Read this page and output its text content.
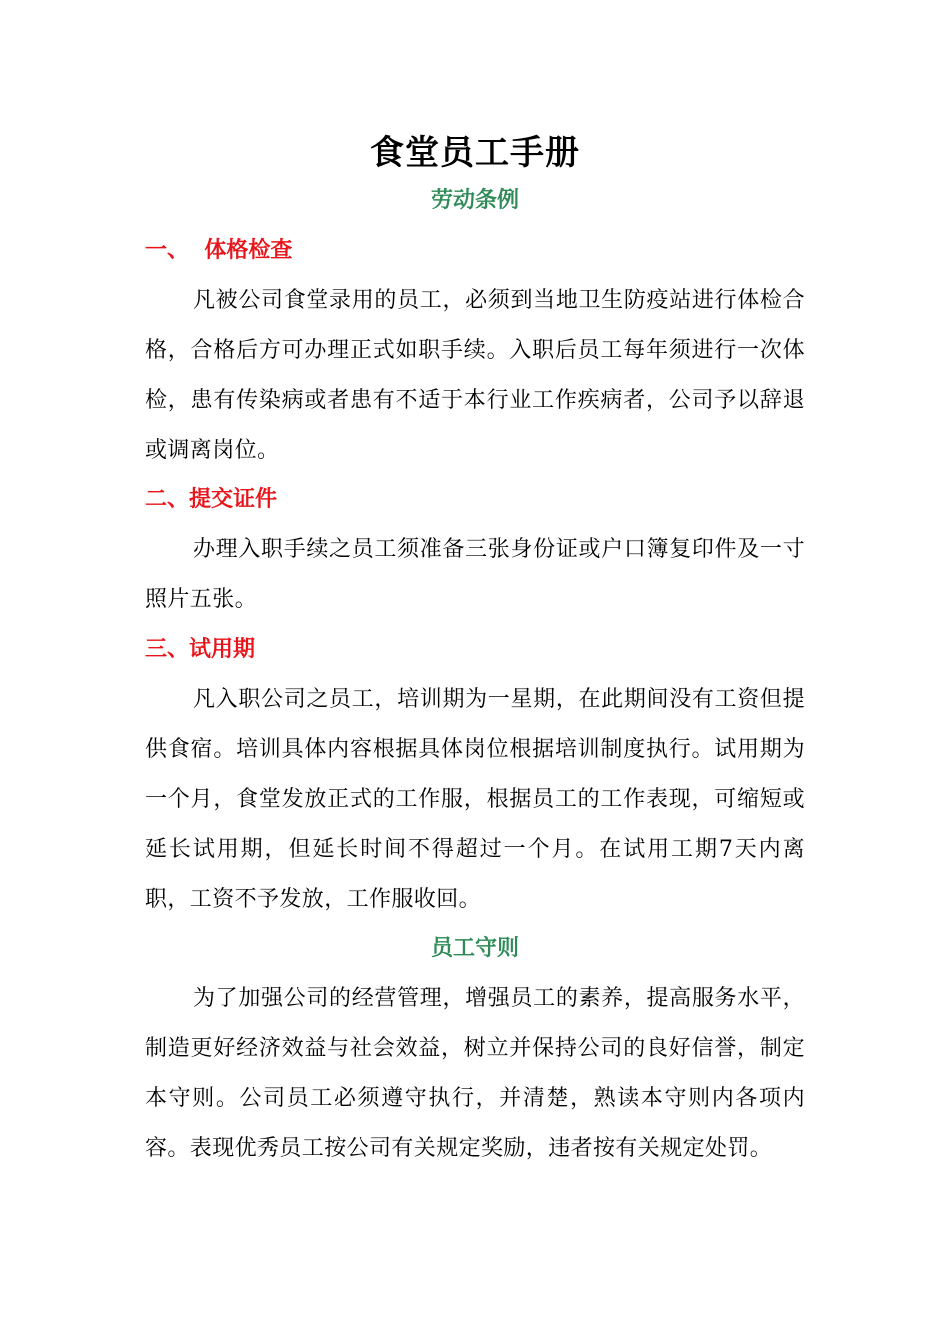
食堂员工手册
劳动条例
一、  体格检查
凡被公司食堂录用的员工，必须到当地卫生防疫站进行体检合格，合格后方可办理正式如职手续。入职后员工每年须进行一次体检，患有传染病或者患有不适于本行业工作疾病者，公司予以辞退或调离岗位。
二、提交证件
办理入职手续之员工须准备三张身份证或户口簿复印件及一寸照片五张。
三、试用期
凡入职公司之员工，培训期为一星期，在此期间没有工资但提供食宿。培训具体内容根据具体岗位根据培训制度执行。试用期为一个月，食堂发放正式的工作服，根据员工的工作表现，可缩短或延长试用期，但延长时间不得超过一个月。在试用工期7天内离职，工资不予发放，工作服收回。
员工守则
为了加强公司的经营管理，增强员工的素养，提高服务水平，制造更好经济效益与社会效益，树立并保持公司的良好信誉，制定本守则。公司员工必须遵守执行，并清楚，熟读本守则内各项内容。表现优秀员工按公司有关规定奖励，违者按有关规定处罚。
